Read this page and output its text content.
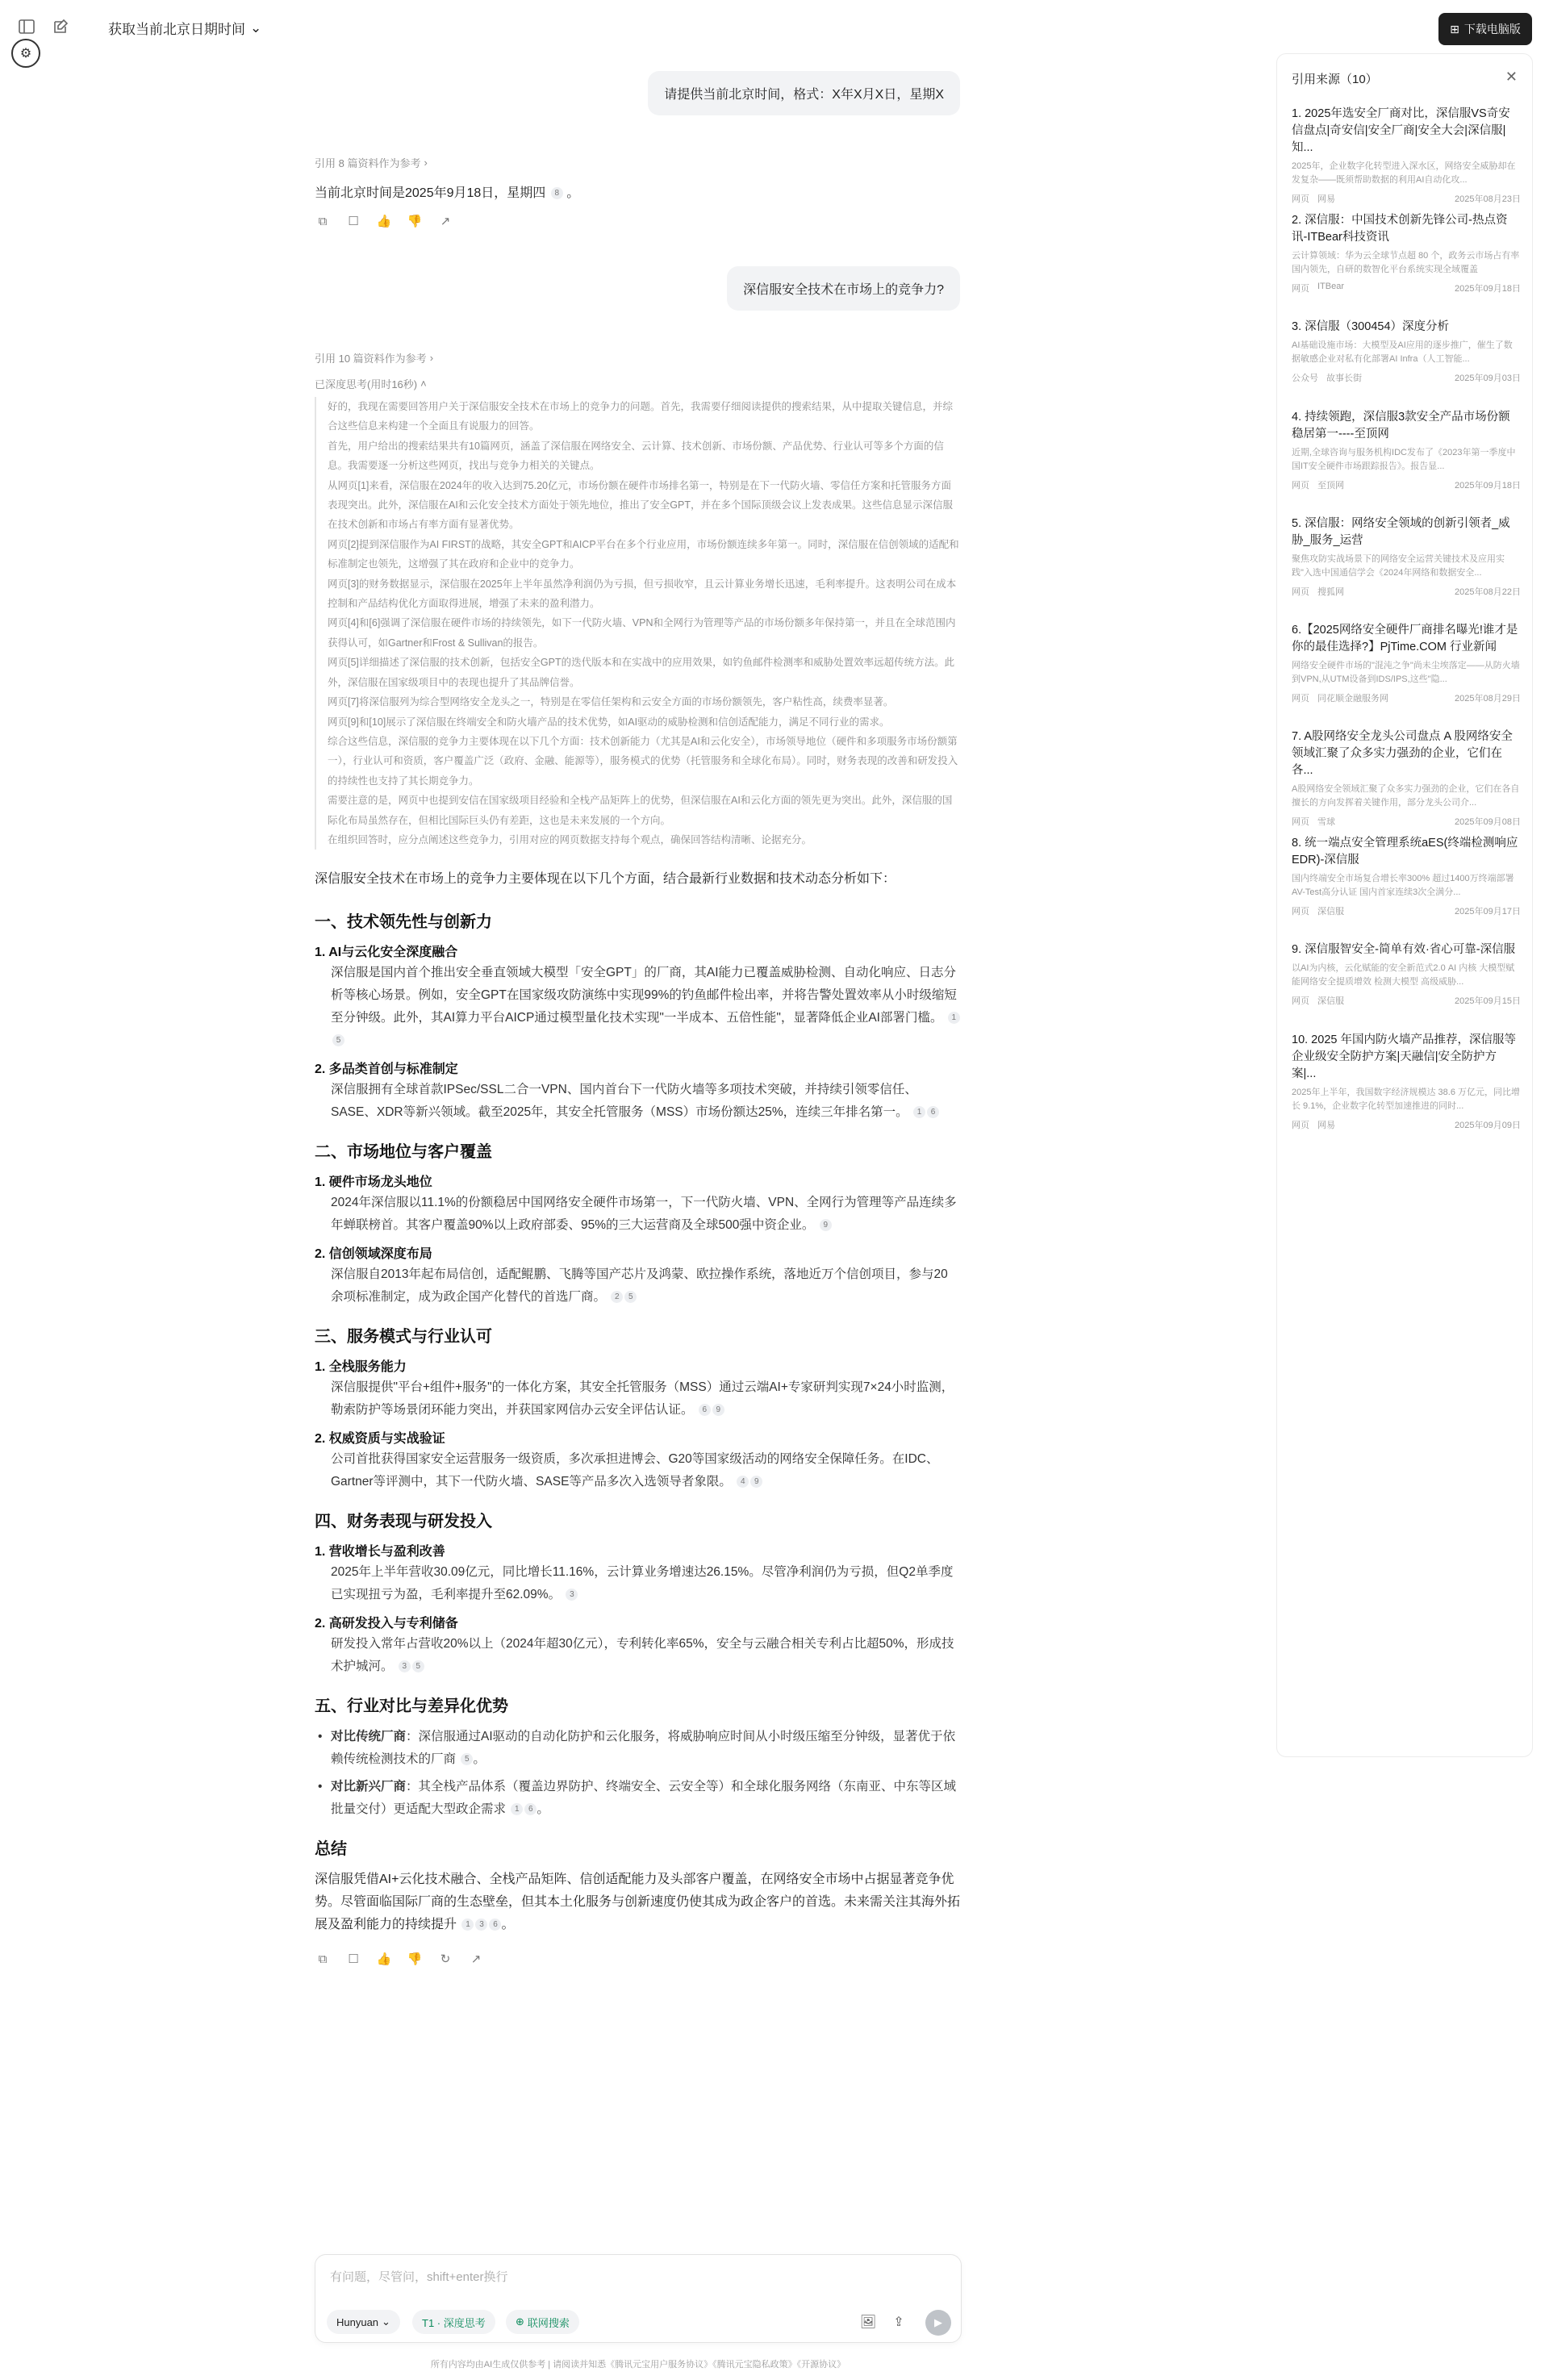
获取当前北京日期时间 ⌄
⚙
⊞ 下载电脑版
请提供当前北京时间，格式：X年X月X日，星期X
引用 8 篇资料作为参考 ›
当前北京时间是2025年9月18日，星期四 8 。
⧉	☐ 👍 👎 ↗
深信服安全技术在市场上的竞争力?
引用 10 篇资料作为参考 ›
已深度思考(用时16秒) ˄

好的，我现在需要回答用户关于深信服安全技术在市场上的竞争力的问题。首先，我需要仔细阅读提供的搜索结果，从中提取关键信息，并综合这些信息来构建一个全面且有说服力的回答。

首先，用户给出的搜索结果共有10篇网页，涵盖了深信服在网络安全、云计算、技术创新、市场份额、产品优势、行业认可等多个方面的信息。我需要逐一分析这些网页，找出与竞争力相关的关键点。

从网页[1]来看，深信服在2024年的收入达到75.20亿元，市场份额在硬件市场排名第一，特别是在下一代防火墙、零信任方案和托管服务方面表现突出。此外，深信服在AI和云化安全技术方面处于领先地位，推出了安全GPT，并在多个国际顶级会议上发表成果。这些信息显示深信服在技术创新和市场占有率方面有显著优势。

网页[2]提到深信服作为AI FIRST的战略，其安全GPT和AICP平台在多个行业应用，市场份额连续多年第一。同时，深信服在信创领域的适配和标准制定也领先，这增强了其在政府和企业中的竞争力。

网页[3]的财务数据显示，深信服在2025年上半年虽然净利润仍为亏损，但亏损收窄，且云计算业务增长迅速，毛利率提升。这表明公司在成本控制和产品结构优化方面取得进展，增强了未来的盈利潜力。

网页[4]和[6]强调了深信服在硬件市场的持续领先，如下一代防火墙、VPN和全网行为管理等产品的市场份额多年保持第一，并且在全球范围内获得认可，如Gartner和Frost & Sullivan的报告。

网页[5]详细描述了深信服的技术创新，包括安全GPT的迭代版本和在实战中的应用效果，如钓鱼邮件检测率和威胁处置效率远超传统方法。此外，深信服在国家级项目中的表现也提升了其品牌信誉。

网页[7]将深信服列为综合型网络安全龙头之一，特别是在零信任架构和云安全方面的市场份额领先，客户粘性高，续费率显著。

网页[9]和[10]展示了深信服在终端安全和防火墙产品的技术优势，如AI驱动的威胁检测和信创适配能力，满足不同行业的需求。

综合这些信息，深信服的竞争力主要体现在以下几个方面：技术创新能力（尤其是AI和云化安全），市场领导地位（硬件和多项服务市场份额第一），行业认可和资质，客户覆盖广泛（政府、金融、能源等），服务模式的优势（托管服务和全球化布局）。同时，财务表现的改善和研发投入的持续性也支持了其长期竞争力。

需要注意的是，网页中也提到安信在国家级项目经验和全栈产品矩阵上的优势，但深信服在AI和云化方面的领先更为突出。此外，深信服的国际化布局虽然存在，但相比国际巨头仍有差距，这也是未来发展的一个方向。

在组织回答时，应分点阐述这些竞争力，引用对应的网页数据支持每个观点，确保回答结构清晰、论据充分。

深信服安全技术在市场上的竞争力主要体现在以下几个方面，结合最新行业数据和技术动态分析如下：

一、技术领先性与创新力
1. AI与云化安全深度融合

深信服是国内首个推出安全垂直领域大模型「安全GPT」的厂商，其AI能力已覆盖威胁检测、自动化响应、日志分析等核心场景。例如，安全GPT在国家级攻防演练中实现99%的钓鱼邮件检出率，并将告警处置效率从小时级缩短至分钟级。此外，其AI算力平台AICP通过模型量化技术实现"一半成本、五倍性能"，显著降低企业AI部署门槛。 15

2. 多品类首创与标准制定

深信服拥有全球首款IPSec/SSL二合一VPN、国内首台下一代防火墙等多项技术突破，并持续引领零信任、SASE、XDR等新兴领域。截至2025年，其安全托管服务（MSS）市场份额达25%，连续三年排名第一。 1 6

二、市场地位与客户覆盖
1. 硬件市场龙头地位

2024年深信服以11.1%的份额稳居中国网络安全硬件市场第一，下一代防火墙、VPN、全网行为管理等产品连续多年蝉联榜首。其客户覆盖90%以上政府部委、95%的三大运营商及全球500强中资企业。 9

2. 信创领域深度布局

深信服自2013年起布局信创，适配鲲鹏、飞腾等国产芯片及鸿蒙、欧拉操作系统，落地近万个信创项目，参与20余项标准制定，成为政企国产化替代的首选厂商。 2 5

三、服务模式与行业认可
1. 全栈服务能力

深信服提供"平台+组件+服务"的一体化方案，其安全托管服务（MSS）通过云端AI+专家研判实现7×24小时监测，勒索防护等场景闭环能力突出，并获国家网信办云安全评估认证。 6 9

2. 权威资质与实战验证

公司首批获得国家安全运营服务一级资质，多次承担进博会、G20等国家级活动的网络安全保障任务。在IDC、Gartner等评测中，其下一代防火墙、SASE等产品多次入选领导者象限。 4 9

四、财务表现与研发投入
1. 营收增长与盈利改善

2025年上半年营收30.09亿元，同比增长11.16%，云计算业务增速达26.15%。尽管净利润仍为亏损，但Q2单季度已实现扭亏为盈，毛利率提升至62.09%。 3

2. 高研发投入与专利储备

研发投入常年占营收20%以上（2024年超30亿元），专利转化率65%，安全与云融合相关专利占比超50%，形成技术护城河。 3 5

五、行业对比与差异化优势

• 对比传统厂商：深信服通过AI驱动的自动化防护和云化服务，将威胁响应时间从小时级压缩至分钟级，显著优于依赖传统检测技术的厂商 5 。

• 对比新兴厂商：其全栈产品体系（覆盖边界防护、终端安全、云安全等）和全球化服务网络（东南亚、中东等区域批量交付）更适配大型政企需求 1 6 。

总结

深信服凭借AI+云化技术融合、全栈产品矩阵、信创适配能力及头部客户覆盖，在网络安全市场中占据显著竞争优势。尽管面临国际厂商的生态壁垒，但其本土化服务与创新速度仍使其成为政企客户的首选。未来需关注其海外拓展及盈利能力的持续提升 1 3 6 。

⧉	☐ 👍 👎 ↻ ↗
引用来源（10）	✕
1. 2025年选安全厂商对比，深信服VS奇安信盘点|奇安信|安全厂商|安全大会|深信服|知...
2025年，企业数字化转型进入深水区，网络安全威胁却在发复杂——既须帮助数据的利用AI自动化攻...
网页 网易	2025年08月23日
2. 深信服：中国技术创新先锋公司-热点资讯-ITBear科技资讯
云计算领域：华为云全球节点超 80 个，政务云市场占有率国内领先，自研的数智化平台系统实现全域覆盖
网页 ITBear	2025年09月18日
3. 深信服（300454）深度分析
AI基础设施市场：大模型及AI应用的逐步推广，催生了数据敏感企业对私有化部署AI Infra（人工智能...
公众号 故事长街	2025年09月03日
4. 持续领跑，深信服3款安全产品市场份额稳居第一----至顶网
近期,全球咨询与服务机构IDC发布了《2023年第一季度中国IT安全硬件市场跟踪报告》。报告显...
网页 至顶网	2025年09月18日
5. 深信服：网络安全领域的创新引领者_威胁_服务_运营
聚焦攻防实战场景下的网络安全运营关键技术及应用实践"入选中国通信学会《2024年网络和数据安全...
网页 搜狐网	2025年08月22日
6.【2025网络安全硬件厂商排名曝光!谁才是你的最佳选择?】PjTime.COM 行业新闻
网络安全硬件市场的"混沌之争"尚未尘埃落定——从防火墙到VPN,从UTM设备到IDS/IPS,这些"隐...
网页 同花顺金融服务网	2025年08月29日
7. A股网络安全龙头公司盘点 A 股网络安全领域汇聚了众多实力强劲的企业，它们在各...
A股网络安全领域汇聚了众多实力强劲的企业，它们在各自擅长的方向发挥着关键作用，部分龙头公司介...
网页 雪球	2025年09月08日
8. 统一端点安全管理系统aES(终端检测响应EDR)-深信服
国内终端安全市场复合增长率300% 超过1400万终端部署 AV-Test高分认证 国内首家连续3次全满分...
网页 深信服	2025年09月17日
9. 深信服智安全-简单有效·省心可靠-深信服
以AI为内核，云化赋能的安全新范式2.0 AI 内核 大模型赋能网络安全提质增效 检测大模型 高级威胁...
网页 深信服	2025年09月15日
10. 2025 年国内防火墙产品推荐，深信服等企业级安全防护方案|天融信|安全防护方案|...
2025年上半年，我国数字经济规模达 38.6 万亿元，同比增长 9.1%，企业数字化转型加速推进的同时...
网页 网易	2025年09月09日
有问题，尽管问，shift+enter换行
Hunyuan ⌄	T1 · 深度思考	⊕ 联网搜索	🖼 ⇪	▶
所有内容均由AI生成仅供参考 | 请阅读并知悉《腾讯元宝用户服务协议》《腾讯元宝隐私政策》《开源协议》
